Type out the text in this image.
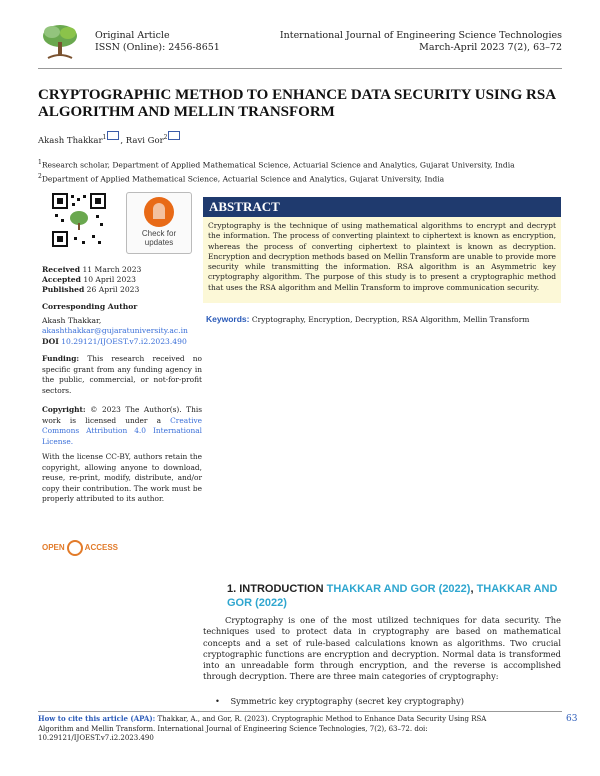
Original Article
ISSN (Online): 2456-8651
International Journal of Engineering Science Technologies
March-April 2023 7(2), 63–72
CRYPTOGRAPHIC METHOD TO ENHANCE DATA SECURITY USING RSA ALGORITHM AND MELLIN TRANSFORM
Akash Thakkar$^1$ , Ravi Gor$^2$
$^1$Research scholar, Department of Applied Mathematical Science, Actuarial Science and Analytics, Gujarat University, India
$^2$Department of Applied Mathematical Science, Actuarial Science and Analytics, Gujarat University, India
Check for
updates
Received 11 March 2023
Accepted 10 April 2023
Published 26 April 2023
Corresponding Author
Akash Thakkar,
akashthakkar@gujaratuniversity.ac.in
DOI 10.29121/IJOEST.v7.i2.2023.490
Funding: This research received no specific grant from any funding agency in the public, commercial, or not-for-profit sectors.
Copyright: © 2023 The Author(s). This work is licensed under a Creative Commons Attribution 4.0 International License.
With the license CC-BY, authors retain the copyright, allowing anyone to download, reuse, re-print, modify, distribute, and/or copy their contribution. The work must be properly attributed to its author.
OPEN	ACCESS
ABSTRACT
Cryptography is the technique of using mathematical algorithms to encrypt and decrypt the information. The process of converting plaintext to ciphertext is known as encryption, whereas the process of converting ciphertext to plaintext is known as decryption. Encryption and decryption methods based on Mellin Transform are unable to provide more security while transmitting the information. RSA algorithm is an Asymmetric key cryptography algorithm. The purpose of this study is to present a cryptographic method that uses the RSA algorithm and Mellin Transform to improve communication security.
Keywords: Cryptography, Encryption, Decryption, RSA Algorithm, Mellin Transform
1. INTRODUCTION THAKKAR AND GOR (2022), THAKKAR AND GOR (2022)
Cryptography is one of the most utilized techniques for data security. The techniques used to protect data in cryptography are based on mathematical concepts and a set of rule-based calculations known as algorithms. Two crucial cryptographic functions are encryption and decryption. Normal data is transformed into an unreadable form through encryption, and the reverse is accomplished through decryption. There are three main categories of cryptography:
• Symmetric key cryptography (secret key cryptography)
How to cite this article (APA): Thakkar, A., and Gor, R. (2023). Cryptographic Method to Enhance Data Security Using RSA Algorithm and Mellin Transform. International Journal of Engineering Science Technologies, 7(2), 63–72. doi: 10.29121/IJOEST.v7.i2.2023.490
63
